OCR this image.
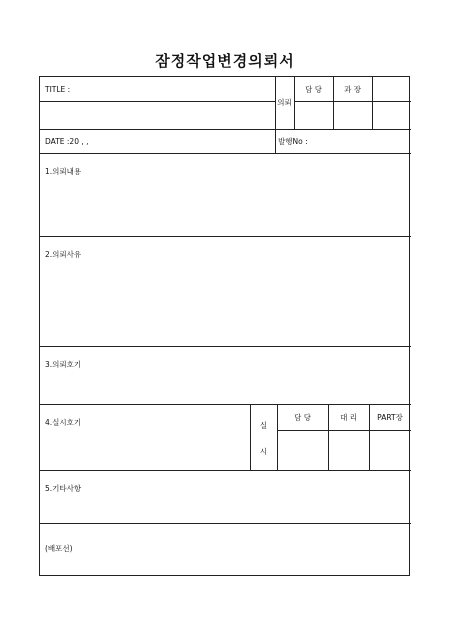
잠정작업변경의뢰서
TITLE :
DATE :20 , ,	발행No :
의뢰
담 당	과 장
1.의뢰내용
2.의뢰사유
3.의뢰호기
4.실시호기
5.기타사항
(배포선)
실
시
담 당	대 리	PART장
